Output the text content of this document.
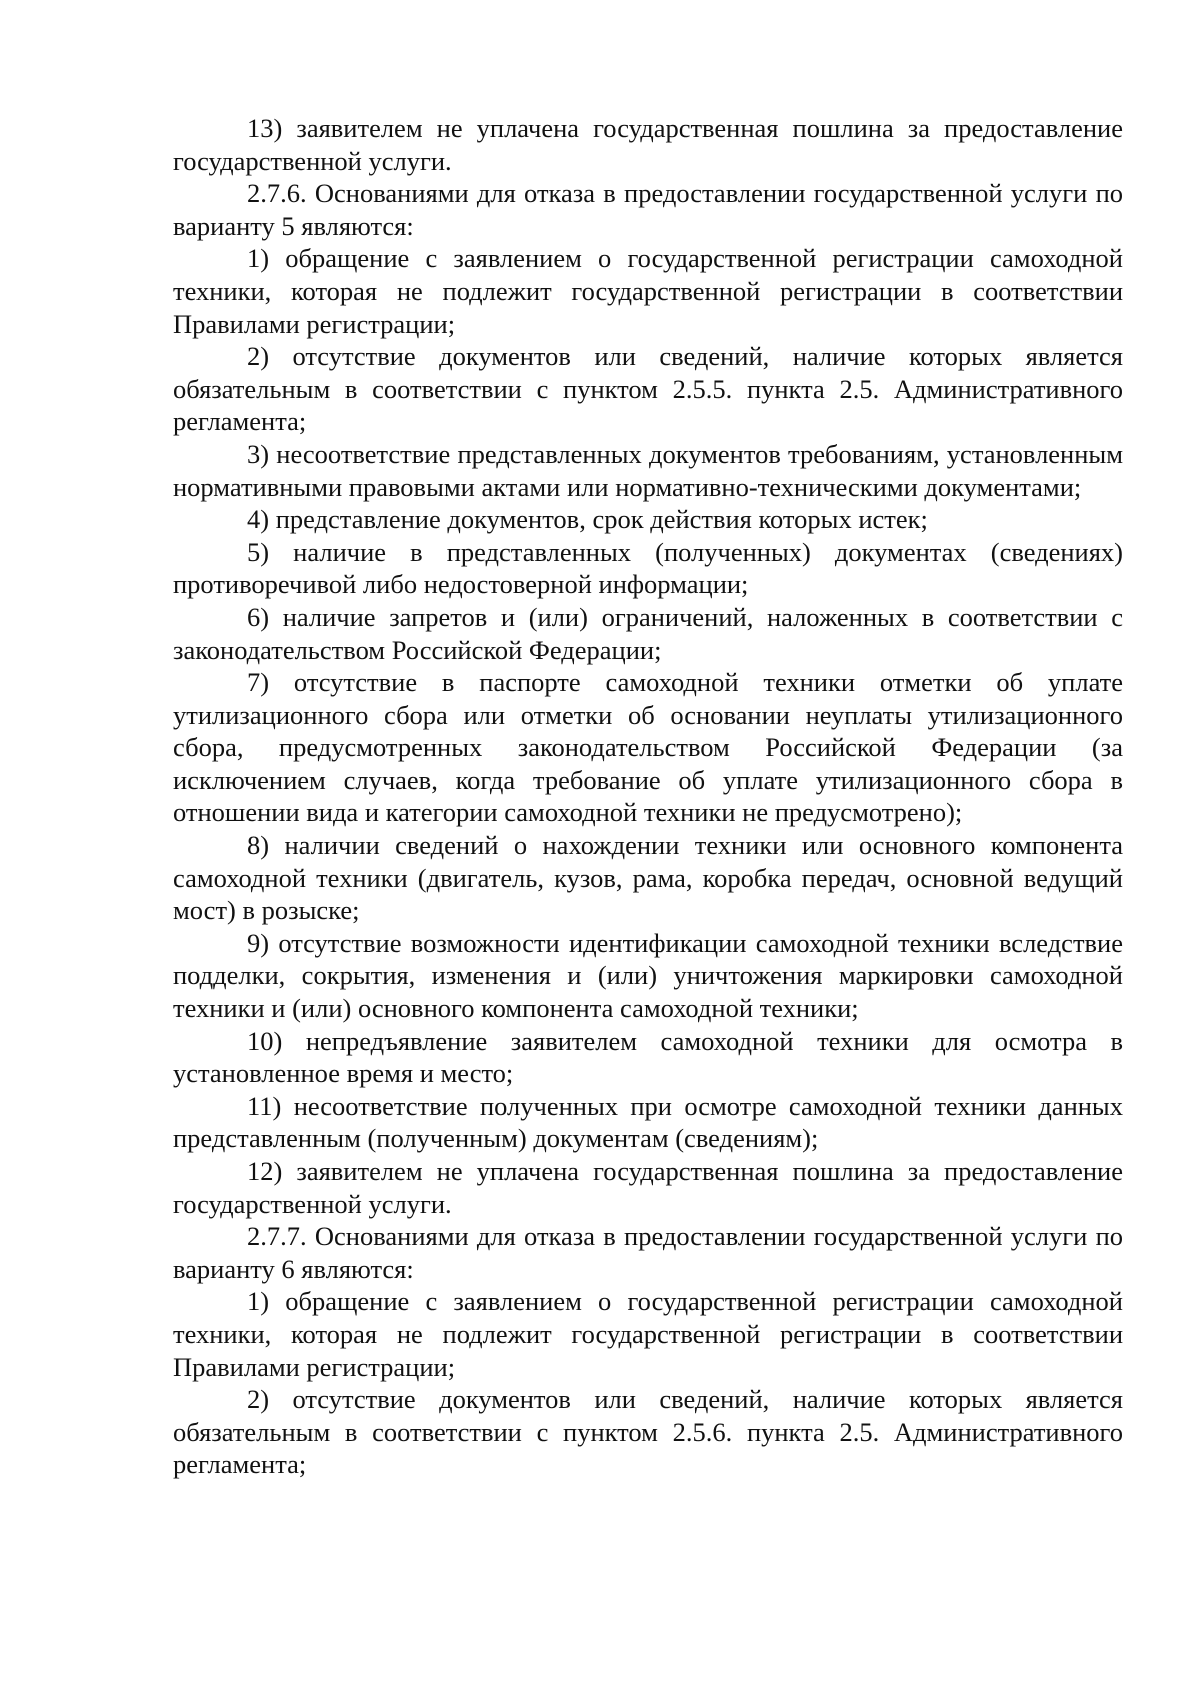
13) заявителем не уплачена государственная пошлина за предоставление государственной услуги.

2.7.6. Основаниями для отказа в предоставлении государственной услуги по варианту 5 являются:

1) обращение с заявлением о государственной регистрации самоходной техники, которая не подлежит государственной регистрации в соответствии Правилами регистрации;

2) отсутствие документов или сведений, наличие которых является обязательным в соответствии с пунктом 2.5.5. пункта 2.5. Административного регламента;

3) несоответствие представленных документов требованиям, установленным нормативными правовыми актами или нормативно-техническими документами;

4) представление документов, срок действия которых истек;

5) наличие в представленных (полученных) документах (сведениях) противоречивой либо недостоверной информации;

6) наличие запретов и (или) ограничений, наложенных в соответствии с законодательством Российской Федерации;

7) отсутствие в паспорте самоходной техники отметки об уплате утилизационного сбора или отметки об основании неуплаты утилизационного сбора, предусмотренных законодательством Российской Федерации (за исключением случаев, когда требование об уплате утилизационного сбора в отношении вида и категории самоходной техники не предусмотрено);

8) наличии сведений о нахождении техники или основного компонента самоходной техники (двигатель, кузов, рама, коробка передач, основной ведущий мост) в розыске;

9) отсутствие возможности идентификации самоходной техники вследствие подделки, сокрытия, изменения и (или) уничтожения маркировки самоходной техники и (или) основного компонента самоходной техники;

10) непредъявление заявителем самоходной техники для осмотра в установленное время и место;

11) несоответствие полученных при осмотре самоходной техники данных представленным (полученным) документам (сведениям);

12) заявителем не уплачена государственная пошлина за предоставление государственной услуги.

2.7.7. Основаниями для отказа в предоставлении государственной услуги по варианту 6 являются:

1) обращение с заявлением о государственной регистрации самоходной техники, которая не подлежит государственной регистрации в соответствии Правилами регистрации;

2) отсутствие документов или сведений, наличие которых является обязательным в соответствии с пунктом 2.5.6. пункта 2.5. Административного регламента;
